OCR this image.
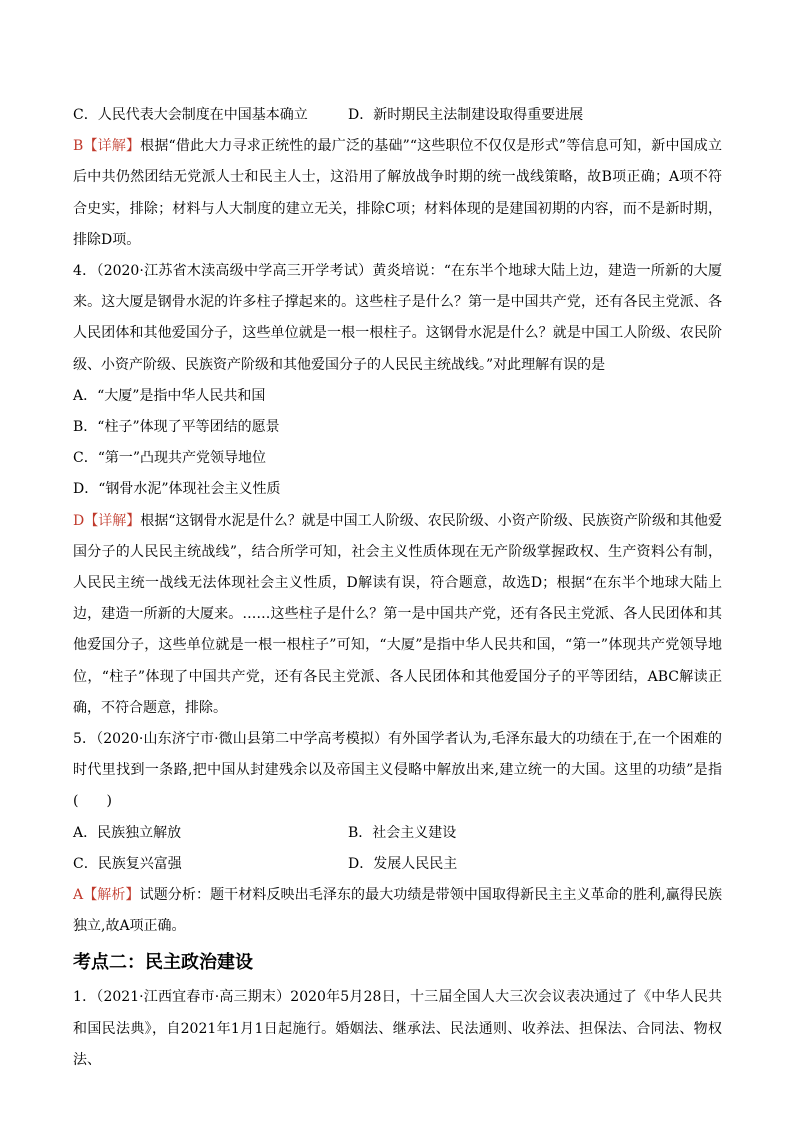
C．人民代表大会制度在中国基本确立	D．新时期民主法制建设取得重要进展

B【详解】根据“借此大力寻求正统性的最广泛的基础”“这些职位不仅仅是形式”等信息可知，新中国成立后中共仍然团结无党派人士和民主人士，这沿用了解放战争时期的统一战线策略，故B项正确；A项不符合史实，排除；材料与人大制度的建立无关，排除C项；材料体现的是建国初期的内容，而不是新时期，排除D项。

4．（2020·江苏省木渎高级中学高三开学考试）黄炎培说：“在东半个地球大陆上边，建造一所新的大厦来。这大厦是钢骨水泥的许多柱子撑起来的。这些柱子是什么？第一是中国共产党，还有各民主党派、各人民团体和其他爱国分子，这些单位就是一根一根柱子。这钢骨水泥是什么？就是中国工人阶级、农民阶级、小资产阶级、民族资产阶级和其他爱国分子的人民民主统战线。”对此理解有误的是

A．“大厦”是指中华人民共和国

B．“柱子”体现了平等团结的愿景

C．“第一”凸现共产党领导地位

D．“钢骨水泥”体现社会主义性质

D【详解】根据“这钢骨水泥是什么？就是中国工人阶级、农民阶级、小资产阶级、民族资产阶级和其他爱国分子的人民民主统战线”，结合所学可知，社会主义性质体现在无产阶级掌握政权、生产资料公有制，人民民主统一战线无法体现社会主义性质，D解读有误，符合题意，故选D；根据“在东半个地球大陆上边，建造一所新的大厦来。……这些柱子是什么？第一是中国共产党，还有各民主党派、各人民团体和其他爱国分子，这些单位就是一根一根柱子”可知，“大厦”是指中华人民共和国，“第一”体现共产党领导地位，“柱子”体现了中国共产党，还有各民主党派、各人民团体和其他爱国分子的平等团结，ABC解读正确，不符合题意，排除。

5．（2020·山东济宁市·微山县第二中学高考模拟）有外国学者认为,毛泽东最大的功绩在于,在一个困难的时代里找到一条路,把中国从封建残余以及帝国主义侵略中解放出来,建立统一的大国。这里的功绩”是指(　　)

A．民族独立解放	B．社会主义建设
C．民族复兴富强	D．发展人民民主

A【解析】试题分析：题干材料反映出毛泽东的最大功绩是带领中国取得新民主主义革命的胜利,赢得民族独立,故A项正确。

考点二：民主政治建设

1．（2021·江西宜春市·高三期末）2020年5月28日，十三届全国人大三次会议表决通过了《中华人民共和国民法典》，自2021年1月1日起施行。婚姻法、继承法、民法通则、收养法、担保法、合同法、物权法、
